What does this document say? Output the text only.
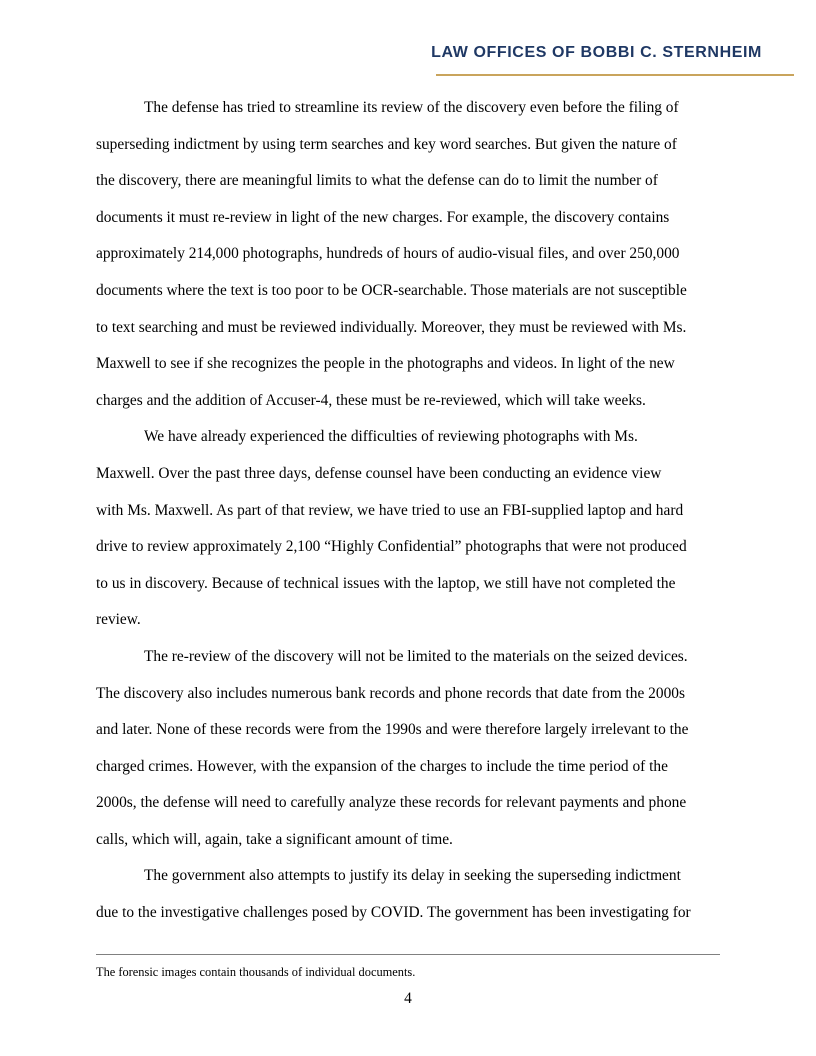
LAW OFFICES OF BOBBI C. STERNHEIM
The defense has tried to streamline its review of the discovery even before the filing of
superseding indictment by using term searches and key word searches. But given the nature of
the discovery, there are meaningful limits to what the defense can do to limit the number of
documents it must re-review in light of the new charges. For example, the discovery contains
approximately 214,000 photographs, hundreds of hours of audio-visual files, and over 250,000
documents where the text is too poor to be OCR-searchable. Those materials are not susceptible
to text searching and must be reviewed individually. Moreover, they must be reviewed with Ms.
Maxwell to see if she recognizes the people in the photographs and videos. In light of the new
charges and the addition of Accuser-4, these must be re-reviewed, which will take weeks.
We have already experienced the difficulties of reviewing photographs with Ms.
Maxwell. Over the past three days, defense counsel have been conducting an evidence view
with Ms. Maxwell. As part of that review, we have tried to use an FBI-supplied laptop and hard
drive to review approximately 2,100 “Highly Confidential” photographs that were not produced
to us in discovery. Because of technical issues with the laptop, we still have not completed the
review.
The re-review of the discovery will not be limited to the materials on the seized devices.
The discovery also includes numerous bank records and phone records that date from the 2000s
and later. None of these records were from the 1990s and were therefore largely irrelevant to the
charged crimes. However, with the expansion of the charges to include the time period of the
2000s, the defense will need to carefully analyze these records for relevant payments and phone
calls, which will, again, take a significant amount of time.
The government also attempts to justify its delay in seeking the superseding indictment
due to the investigative challenges posed by COVID. The government has been investigating for
The forensic images contain thousands of individual documents.
4
